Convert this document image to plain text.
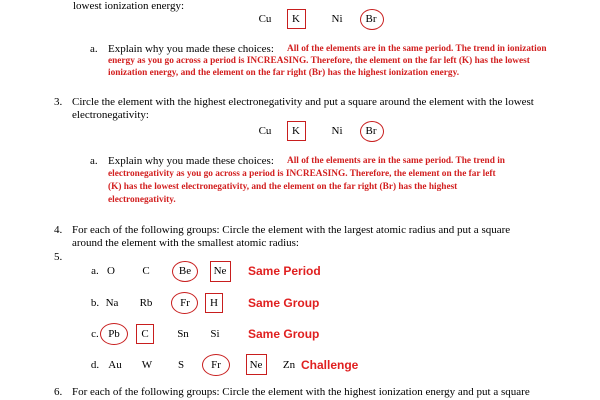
lowest ionization energy:
Cu	K	Ni	Br
a. Explain why you made these choices: All of the elements are in the same period. The trend in ionization
energy as you go across a period is INCREASING. Therefore, the element on the far left (K) has the lowest
ionization energy, and the element on the far right (Br) has the highest ionization energy.
3. Circle the element with the highest electronegativity and put a square around the element with the lowest
electronegativity:
Cu	K	Ni	Br
a. Explain why you made these choices: All of the elements are in the same period. The trend in
electronegativity as you go across a period is INCREASING. Therefore, the element on the far left
(K) has the lowest electronegativity, and the element on the far right (Br) has the highest
electronegativity.
4. For each of the following groups: Circle the element with the largest atomic radius and put a square
around the element with the smallest atomic radius:
5.
a. O	C	Be	Ne Same Period
b. Na	Rb	Fr	H	Same Group
c. Pb	C	Sn	Si	Same Group
d. Au W	S	Fr	Ne	Zn Challenge
6. For each of the following groups: Circle the element with the highest ionization energy and put a square
